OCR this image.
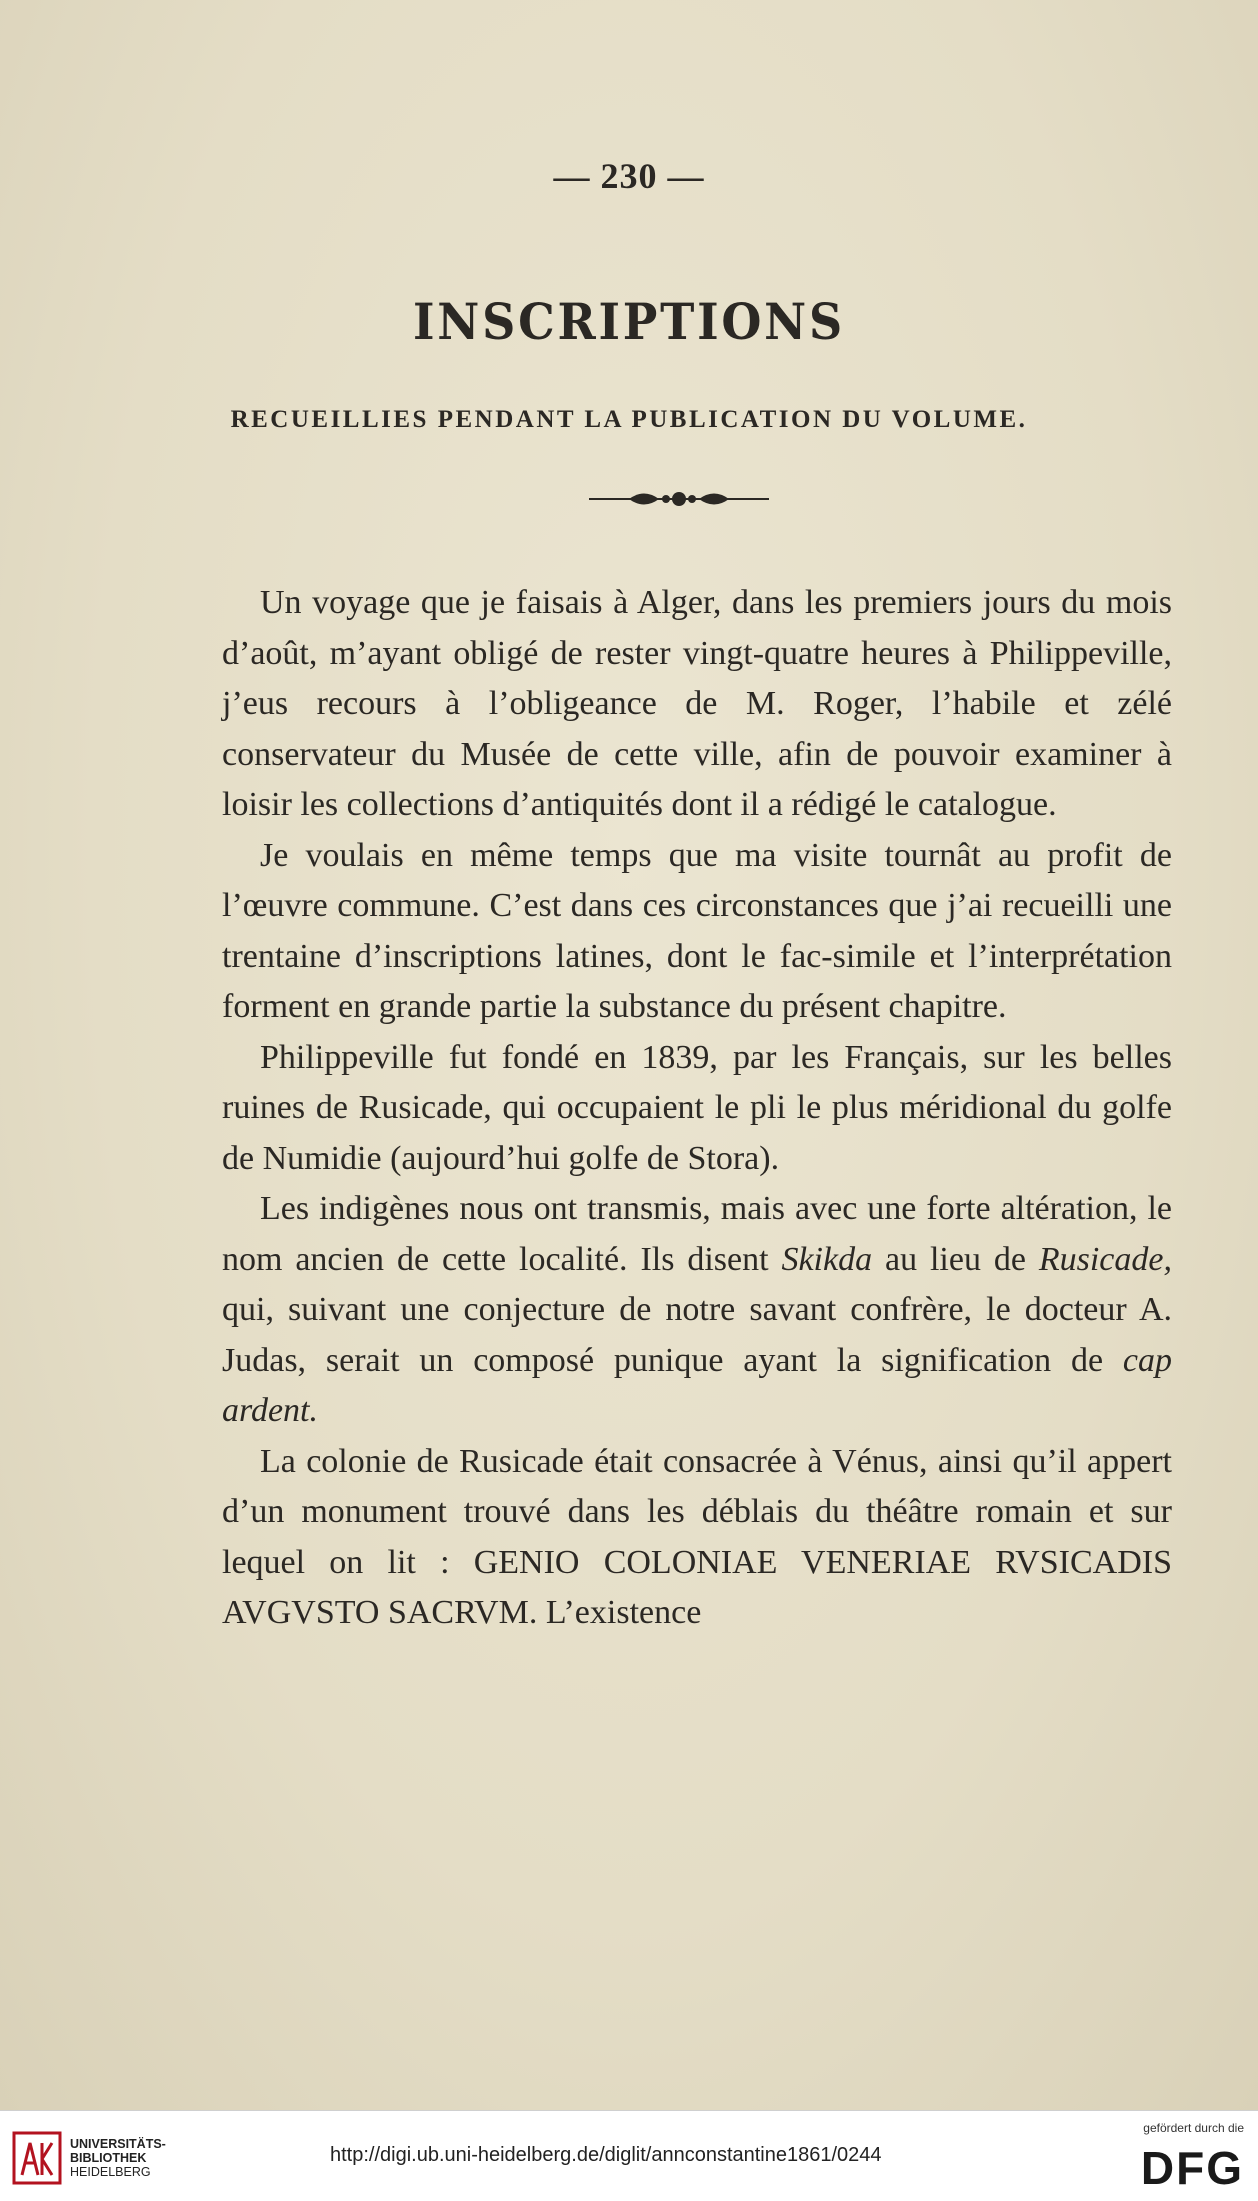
— 230 —
INSCRIPTIONS
RECUEILLIES PENDANT LA PUBLICATION DU VOLUME.

Un voyage que je faisais à Alger, dans les premiers jours du mois d’août, m’ayant obligé de rester vingt-quatre heures à Philippeville, j’eus recours à l’obligeance de M. Roger, l’habile et zélé conservateur du Musée de cette ville, afin de pouvoir examiner à loisir les collections d’antiquités dont il a rédigé le catalogue.

Je voulais en même temps que ma visite tournât au profit de l’œuvre commune. C’est dans ces circonstances que j’ai recueilli une trentaine d’inscriptions latines, dont le fac-simile et l’interprétation forment en grande partie la substance du présent chapitre.

Philippeville fut fondé en 1839, par les Français, sur les belles ruines de Rusicade, qui occupaient le pli le plus méridional du golfe de Numidie (aujourd’hui golfe de Stora).

Les indigènes nous ont transmis, mais avec une forte altération, le nom ancien de cette localité. Ils disent Skikda au lieu de Rusicade, qui, suivant une conjecture de notre savant confrère, le docteur A. Judas, serait un composé punique ayant la signification de cap ardent.

La colonie de Rusicade était consacrée à Vénus, ainsi qu’il appert d’un monument trouvé dans les déblais du théâtre romain et sur lequel on lit : GENIO COLONIAE VENERIAE RVSICADIS AVGVSTO SACRVM. L’existence

UNIVERSITÄTS-
BIBLIOTHEK
HEIDELBERG
http://digi.ub.uni-heidelberg.de/diglit/annconstantine1861/0244
gefördert durch die
DFG
